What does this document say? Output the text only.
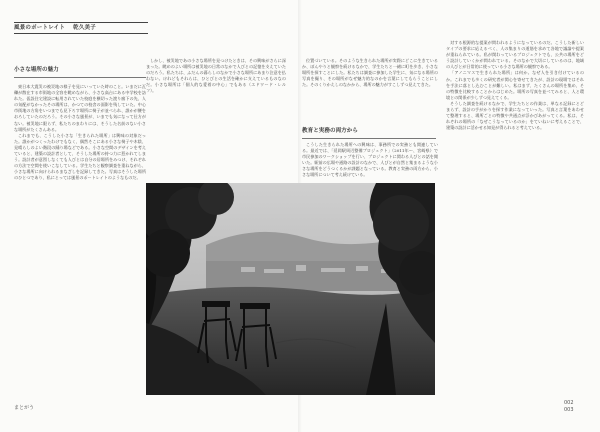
風景のポートレイト 乾久美子
小さな場所の魅力

東日本大震災の被災地の様子を見にいっていた時のこと。いまだに瓦礫が散在する市街地の全容を眺めながら、小さな高台にある中学校を訪れた。仮設住宅建設に転用されていた校庭を横切った渡り廊下の先、人の気配がなかったその場所は、かつての校舎の面影を残していた。中心市街地の方角をいつまでも見下ろす場所に椅子が並べられ、誰かが腰をおろしていたのだろう。その小さな風景が、いまでも気になって仕方がない。被災地に限らず、私たちのまわりには、そうした名前のない小さな場所がたくさんある。

これまでも、こうした小さな「生きられた場所」は興味の対象だった。誰かがつくったわけでもなく、偶然そこにある小さな椅子や木陰、見晴らしのよい階段の踊り場などである。小さな空間のデザインを考えていると、建築の設計者として、そうした場所の持つ力に惹かれてしまう。設計者が意図しなくても人びとは自分の居場所をみつけ、それぞれの方法で空間を使いこなしている。学生たちと観察調査を重ねながら、小さな場所に向けられるまなざしを記録してきた。写真はそうした場所のひとつであり、私にとっては風景のポートレイトのようなものだ。

しかし、被災地であの小さな場所を見つけたときは、その興味がさらに深まった。眺めのよい場所は被災地の日常のなかで人びとの記憶を支えていたのだろう。私たちは、ふだんの暮らしのなかで小さな場所にあまり注意を払わない。けれどもそれらは、ひとびとの生活を確かに支えているものなのだ。小さな場所は「個人的な愛着の中心」でもある（エドワード・レルフ）。

位置づいている。そのような生きられた場所が実際にどこに生きているか、ぼんやりと観察を続けるなかで、学生たちと一緒に町を歩き、小さな場所を探すことにした。私たちは調査に参加した学生に、気になる場所の写真を撮り、その場所がなぜ魅力的なのかを言葉にしてもらうことにした。そのくりかえしのなかから、場所の魅力がすこしずつ見えてきた。

教育と実務の両方から

こうした生きられた場所への興味は、事務所での実務とも関連している。最近では、「延岡駅周辺整備プロジェクト」（2011年〜、宮崎県）で市民参加のワークショップを行い、プロジェクトに関わる人びとの話を聞いた。駅前の広場や通路の設計のなかで、人びとが自然と集まるような小さな場所をどうつくるかが課題となっている。教育と実務の両方から、小さな場所について考え続けている。

対する根源的な提案が問われるようになっているのだ。こうした新しいタイプの要求に応えるべく、人の集まりの道筋を求めて各地で議論や提案が重ねられている。私が関わっているプロジェクトでも、公共の場所をどう設計していくかが問われている。そのなかで大切にしているのは、地域の人びとが日常的に使っている小さな場所の観察である。

「アノニマスで生きられた場所」は何か。なぜ人を引き付けているのか。これまでも多くの研究者が関心を寄せてきたが、設計の現場ではそれを手法に落とし込むことが難しい。私はまず、たくさんの場所を集め、その特徴を比較することからはじめた。場所の写真を並べてみると、人と環境との関係が少しずつ見えてくる。

そうした調査を続けるなかで、学生たちとの作業は、単なる記録にとどまらず、設計の手がかりを探す作業になっていった。写真と言葉をあわせて整理すると、場所ごとの特徴や共通点が浮かびあがってくる。私は、それぞれの場所の「なぜこうなっているのか」をていねいに考えることで、建築の設計に活かせる知見が得られると考えている。

まとがう
002
003
